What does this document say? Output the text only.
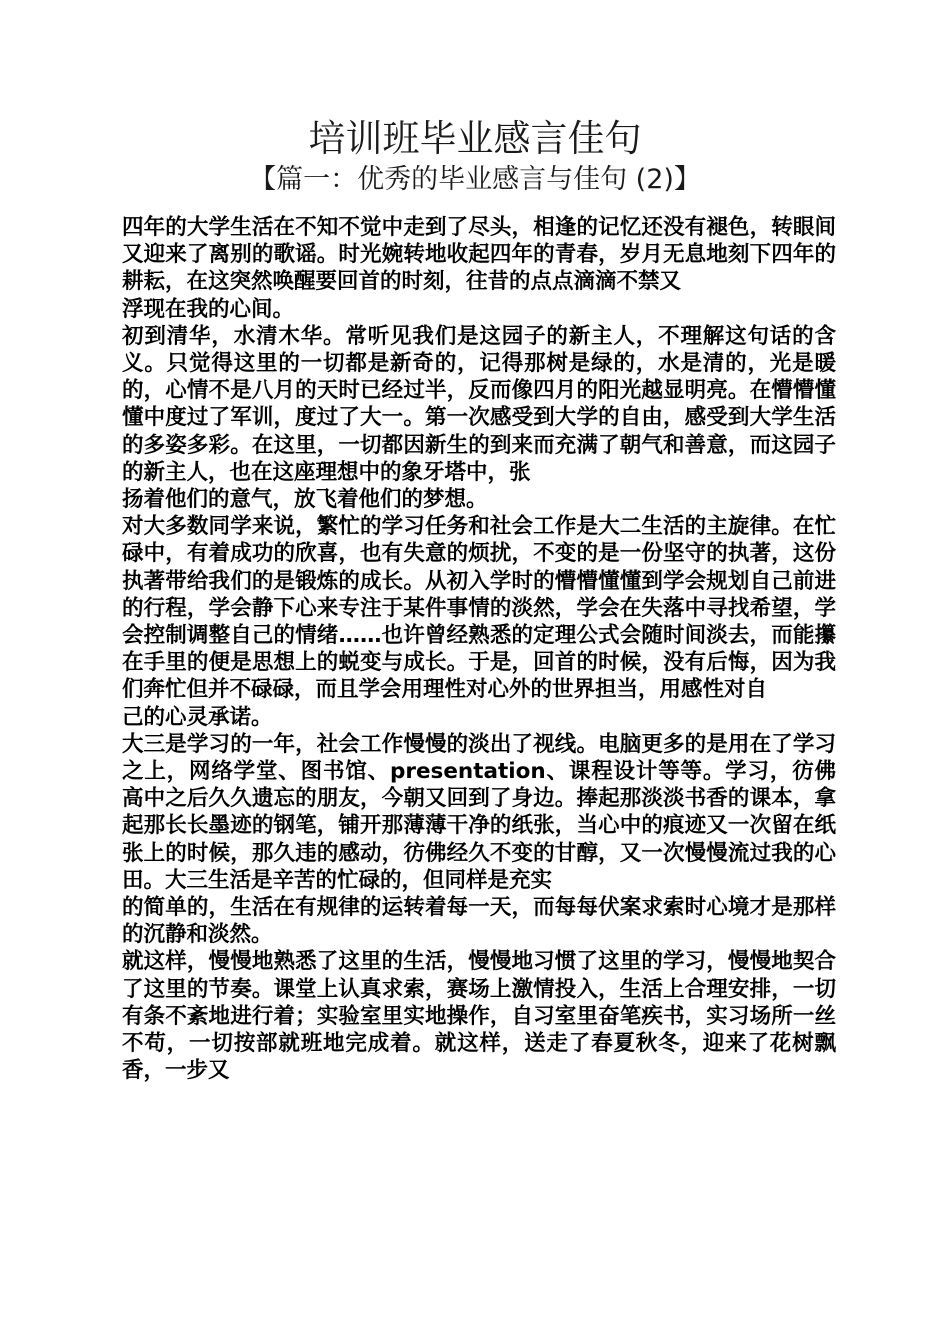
培训班毕业感言佳句
【篇一：优秀的毕业感言与佳句 (2)】

四年的大学生活在不知不觉中走到了尽头，相逢的记忆还没有褪色，转眼间又迎来了离别的歌谣。时光婉转地收起四年的青春，岁月无息地刻下四年的耕耘，在这突然唤醒要回首的时刻，往昔的点点滴滴不禁又

浮现在我的心间。

初到清华，水清木华。常听见我们是这园子的新主人，不理解这句话的含义。只觉得这里的一切都是新奇的，记得那树是绿的，水是清的，光是暖的，心情不是八月的天时已经过半，反而像四月的阳光越显明亮。在懵懵懂懂中度过了军训，度过了大一。第一次感受到大学的自由，感受到大学生活的多姿多彩。在这里，一切都因新生的到来而充满了朝气和善意，而这园子的新主人，也在这座理想中的象牙塔中，张

扬着他们的意气，放飞着他们的梦想。

对大多数同学来说，繁忙的学习任务和社会工作是大二生活的主旋律。在忙碌中，有着成功的欣喜，也有失意的烦扰，不变的是一份坚守的执著，这份执著带给我们的是锻炼的成长。从初入学时的懵懵懂懂到学会规划自己前进的行程，学会静下心来专注于某件事情的淡然，学会在失落中寻找希望，学会控制调整自己的情绪……也许曾经熟悉的定理公式会随时间淡去，而能攥在手里的便是思想上的蜕变与成长。于是，回首的时候，没有后悔，因为我们奔忙但并不碌碌，而且学会用理性对心外的世界担当，用感性对自

己的心灵承诺。

大三是学习的一年，社会工作慢慢的淡出了视线。电脑更多的是用在了学习之上，网络学堂、图书馆、presentation、课程设计等等。学习，彷佛高中之后久久遗忘的朋友，今朝又回到了身边。捧起那淡淡书香的课本，拿起那长长墨迹的钢笔，铺开那薄薄干净的纸张，当心中的痕迹又一次留在纸张上的时候，那久违的感动，彷佛经久不变的甘醇，又一次慢慢流过我的心田。大三生活是辛苦的忙碌的，但同样是充实

的简单的，生活在有规律的运转着每一天，而每每伏案求索时心境才是那样的沉静和淡然。

就这样，慢慢地熟悉了这里的生活，慢慢地习惯了这里的学习，慢慢地契合了这里的节奏。课堂上认真求索，赛场上激情投入，生活上合理安排，一切有条不紊地进行着；实验室里实地操作，自习室里奋笔疾书，实习场所一丝不苟，一切按部就班地完成着。就这样，送走了春夏秋冬，迎来了花树飘香，一步又
